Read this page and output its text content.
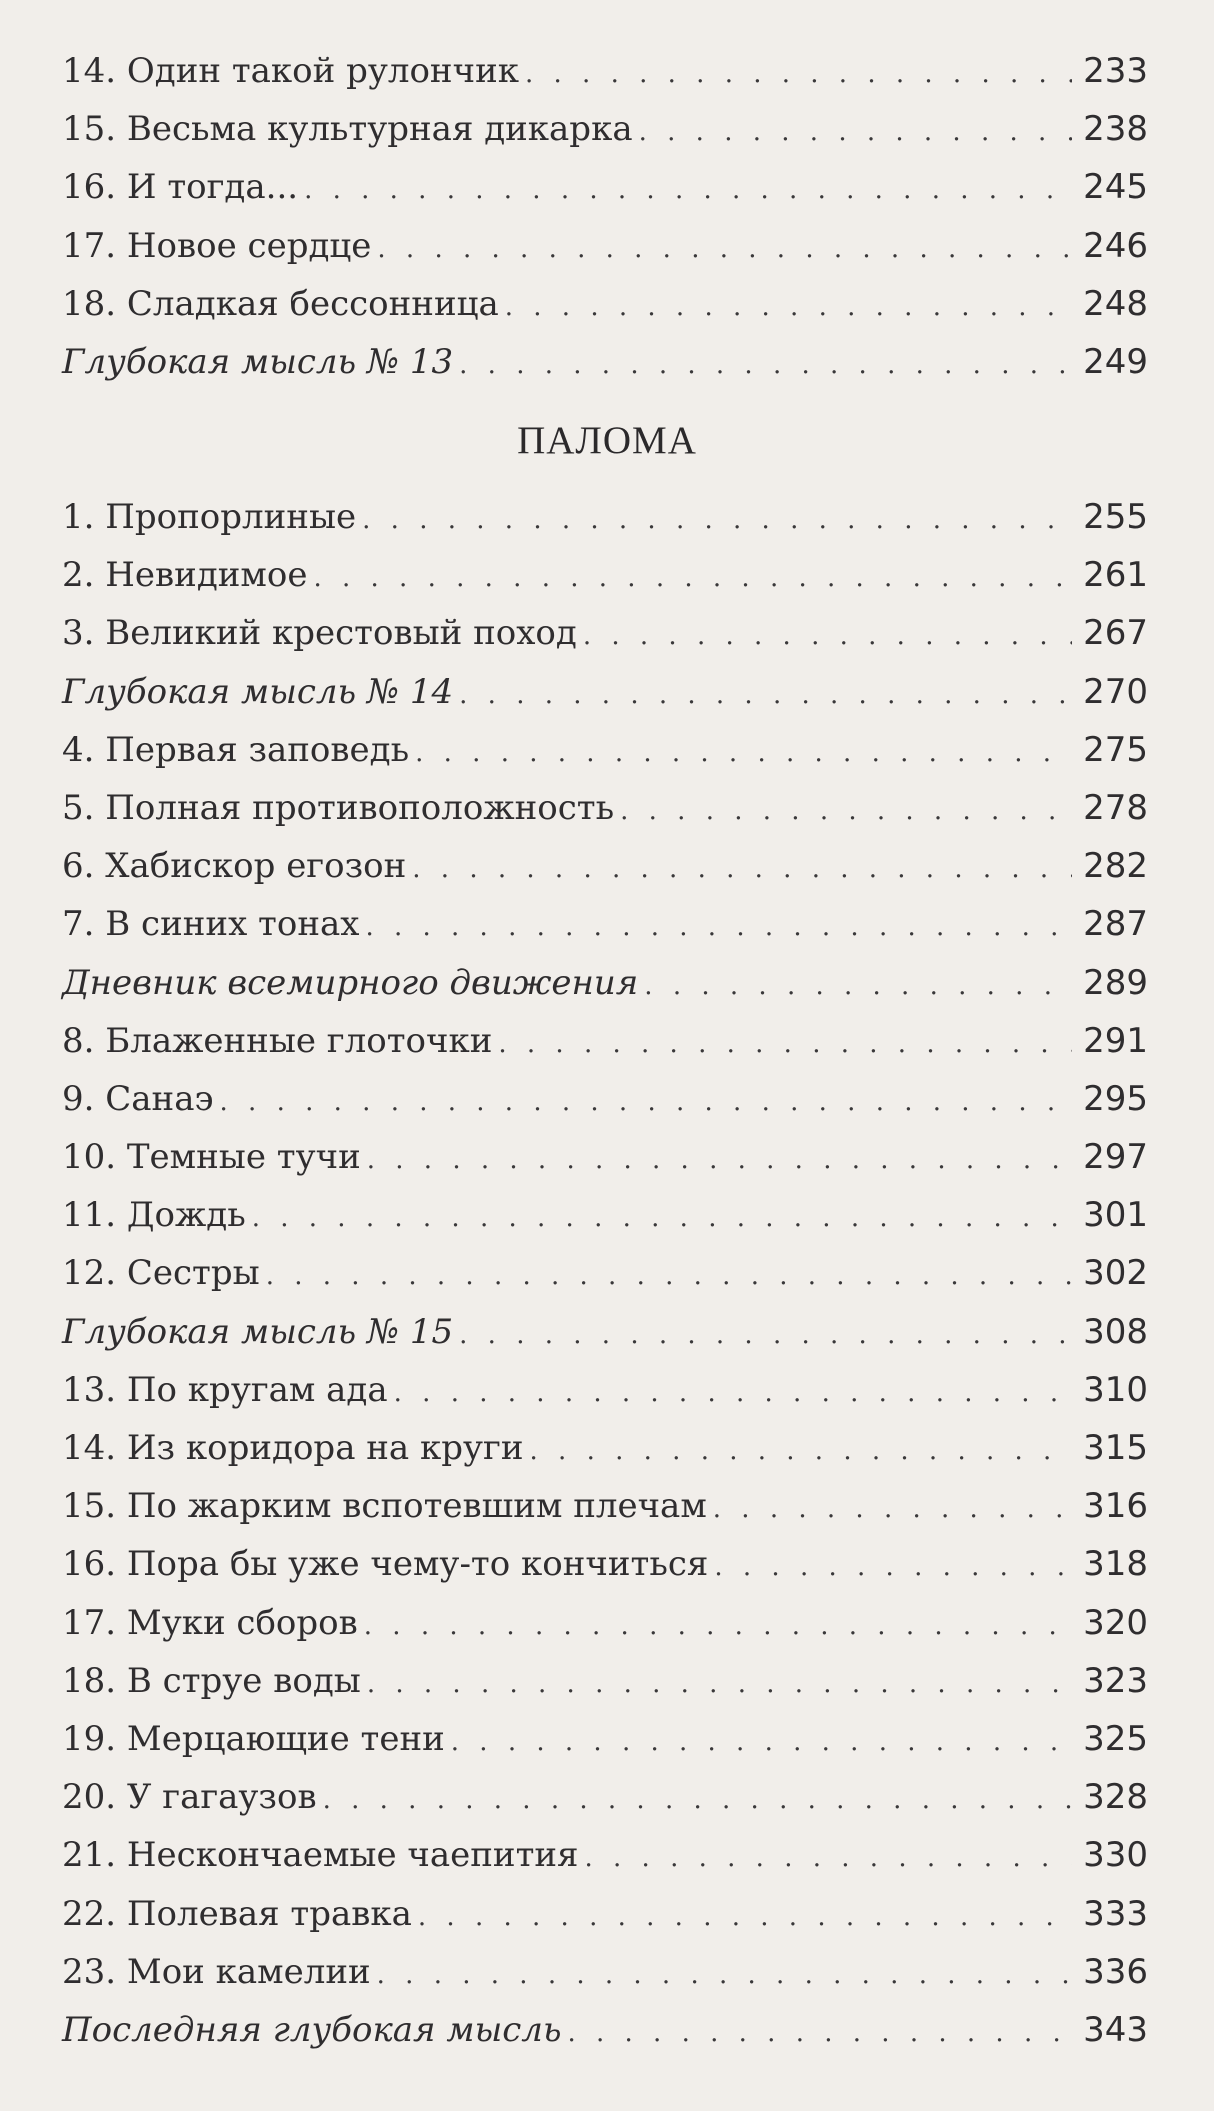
14. Один такой рулончик . . .	233
15. Весьма культурная дикарка . . .	238
16. И тогда... . . .	245
17. Новое сердце . . .	246
18. Сладкая бессонница . . .	248
Глубокая мысль № 13 . . .	249
ПАЛОМА
1. Пропорлиные . . .	255
2. Невидимое . . .	261
3. Великий крестовый поход . . .	267
Глубокая мысль № 14 . . .	270
4. Первая заповедь . . .	275
5. Полная противоположность . . .	278
6. Хабискор егозон . . .	282
7. В синих тонах . . .	287
Дневник всемирного движения . . .	289
8. Блаженные глоточки . . .	291
9. Санаэ . . .	295
10. Темные тучи . . .	297
11. Дождь . . .	301
12. Сестры . . .	302
Глубокая мысль № 15 . . .	308
13. По кругам ада . . .	310
14. Из коридора на круги . . .	315
15. По жарким вспотевшим плечам . . .	316
16. Пора бы уже чему-то кончиться . . .	318
17. Муки сборов . . .	320
18. В струе воды . . .	323
19. Мерцающие тени . . .	325
20. У гагаузов . . .	328
21. Нескончаемые чаепития . . .	330
22. Полевая травка . . .	333
23. Мои камелии . . .	336
Последняя глубокая мысль . . .	343
